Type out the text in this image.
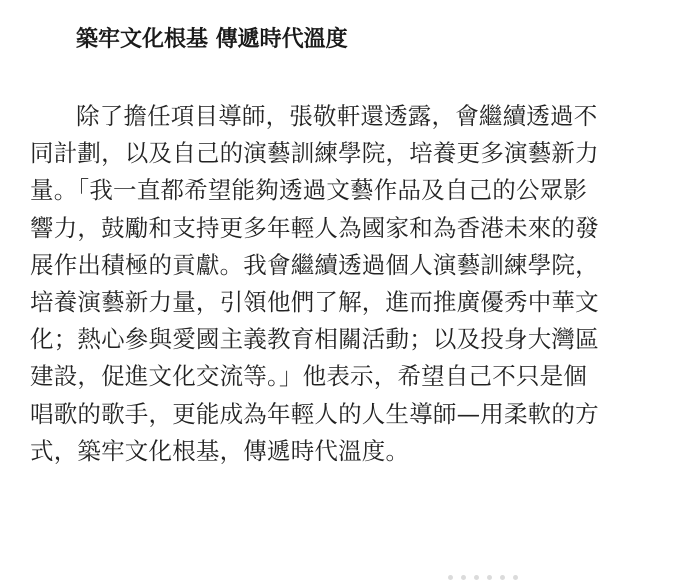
築牢文化根基 傳遞時代溫度
除了擔任項目導師，張敬軒還透露，會繼續透過不
同計劃，以及自己的演藝訓練學院，培養更多演藝新力
量。「我一直都希望能夠透過文藝作品及自己的公眾影
響力，鼓勵和支持更多年輕人為國家和為香港未來的發
展作出積極的貢獻。我會繼續透過個人演藝訓練學院，
培養演藝新力量，引領他們了解，進而推廣優秀中華文
化；熱心參與愛國主義教育相關活動；以及投身大灣區
建設，促進文化交流等。」他表示，希望自己不只是個
唱歌的歌手，更能成為年輕人的人生導師—用柔軟的方
式，築牢文化根基，傳遞時代溫度。
